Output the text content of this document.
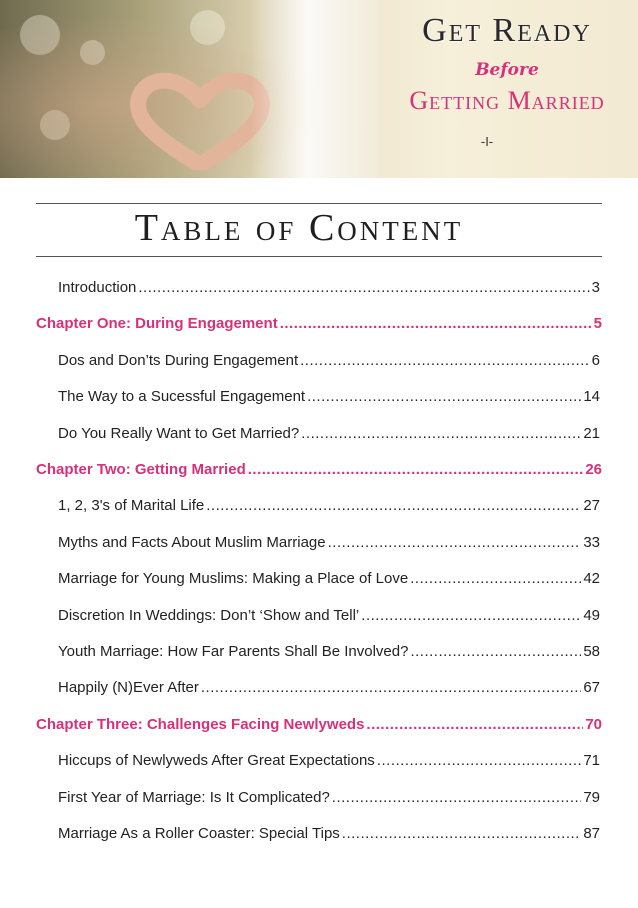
Get Ready
Before
Getting Married
-I-
Table of Content
Introduction .....	3
Chapter One: During Engagement .....	5
Dos and Don’ts During Engagement .....	6
The Way to a Sucessful Engagement .....	14
Do You Really Want to Get Married? .....	21
Chapter Two: Getting Married .....	26
1, 2, 3's of Marital Life .....	27
Myths and Facts About Muslim Marriage .....	33
Marriage for Young Muslims: Making a Place of Love .....	42
Discretion In Weddings: Don’t ‘Show and Tell’ .....	49
Youth Marriage: How Far Parents Shall Be Involved? .....	58
Happily (N)Ever After .....	67
Chapter Three: Challenges Facing Newlyweds .....	70
Hiccups of Newlyweds After Great Expectations .....	71
First Year of Marriage: Is It Complicated? .....	79
Marriage As a Roller Coaster: Special Tips .....	87
